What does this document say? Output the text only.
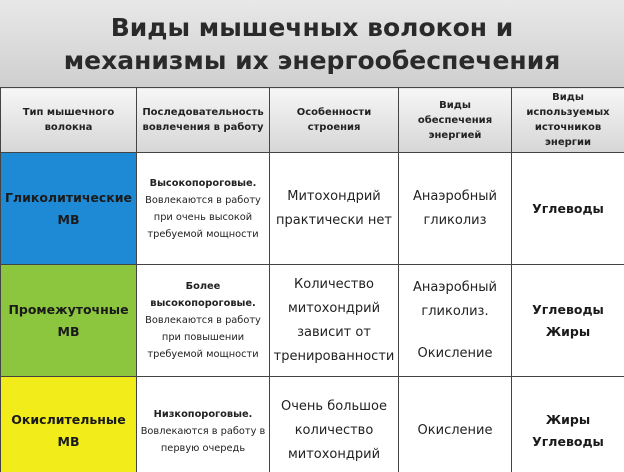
Виды мышечных волокон и
механизмы их энергообеспечения
Тип мышечного волокна	Последовательность
вовлечения в работу	Особенности строения	Виды обеспечения
энергией	Виды используемых
источников энергии

Гликолитические
МВ	Высокопороговые.
Вовлекаются в работу
при очень высокой
требуемой мощности	Митохондрий
практически нет	Анаэробный
гликолиз	Углеводы

Промежуточные
МВ	Более
высокопороговые.
Вовлекаются в работу
при повышении
требуемой мощности	Количество
митохондрий
зависит от
тренированности	Анаэробный
гликолиз.
Окисление	Углеводы
Жиры

Окислительные
МВ	Низкопороговые.
Вовлекаются в работу в
первую очередь	Очень большое
количество
митохондрий	Окисление	Жиры
Углеводы
